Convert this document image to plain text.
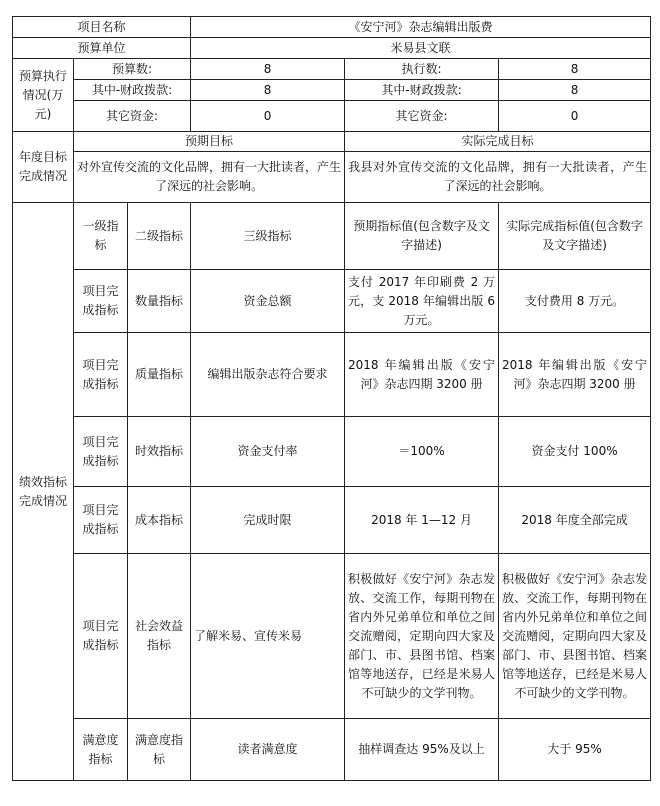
项目名称			《安宁河》杂志编辑出版费		
预算单位			米易县文联		
预算执行情况(万元)	预算数:		8	执行数:	8
	其中-财政拨款:		8	其中-财政拨款:	8
	其它资金:		0	其它资金:	0
年度目标完成情况	预期目标			实际完成目标	
	对外宣传交流的文化品牌，拥有一大批读者，产生了深远的社会影响。			我县对外宣传交流的文化品牌，拥有一大批读者，产生了深远的社会影响。	
绩效指标完成情况	一级指标	二级指标	三级指标	预期指标值(包含数字及文字描述)	实际完成指标值(包含数字及文字描述)
	项目完成指标	数量指标	资金总额	支付 2017 年印刷费 2 万元，支 2018 年编辑出版 6 万元。	支付费用 8 万元。
	项目完成指标	质量指标	编辑出版杂志符合要求	2018 年编辑出版《安宁河》杂志四期 3200 册	2018 年编辑出版《安宁河》杂志四期 3200 册
	项目完成指标	时效指标	资金支付率	＝100%	资金支付 100%
	项目完成指标	成本指标	完成时限	2018 年 1—12 月	2018 年度全部完成
	项目完成指标	社会效益指标	了解米易、宣传米易	积极做好《安宁河》杂志发放、交流工作，每期刊物在省内外兄弟单位和单位之间交流赠阅，定期向四大家及部门、市、县图书馆、档案馆等地送存，已经是米易人不可缺少的文学刊物。	积极做好《安宁河》杂志发放、交流工作，每期刊物在省内外兄弟单位和单位之间交流赠阅，定期向四大家及部门、市、县图书馆、档案馆等地送存，已经是米易人不可缺少的文学刊物。
	满意度指标	满意度指标	读者满意度	抽样调查达 95%及以上	大于 95%
